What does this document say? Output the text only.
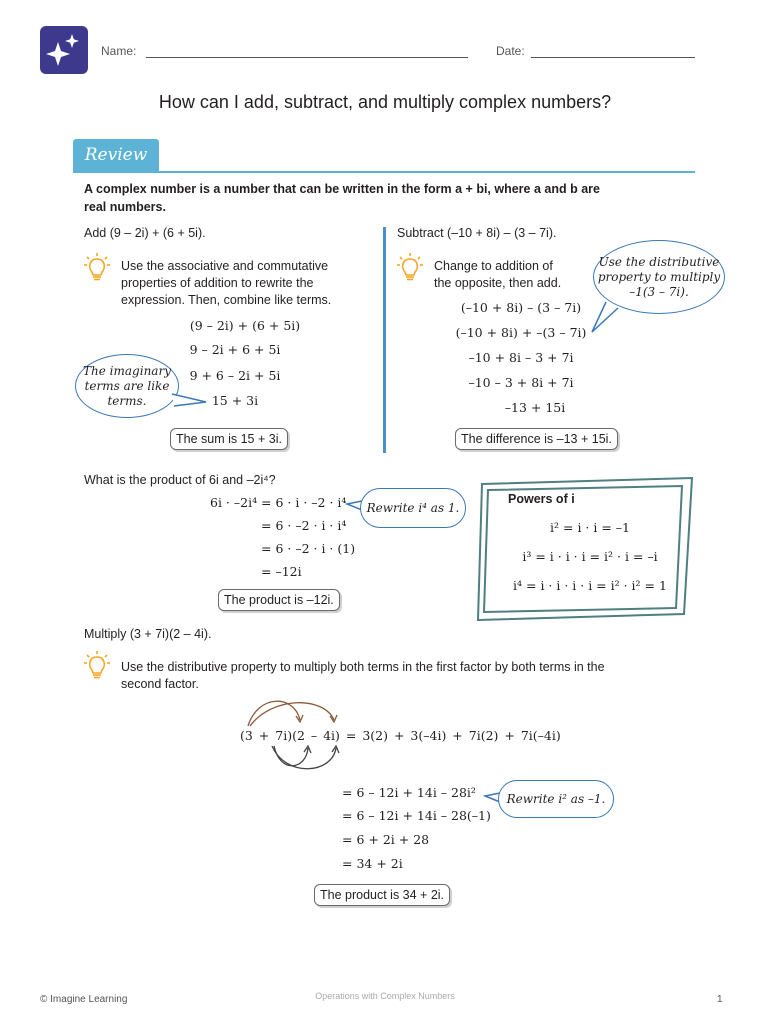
Name:	Date:
How can I add, subtract, and multiply complex numbers?
Review
A complex number is a number that can be written in the form a + bi, where a and b are
real numbers.
Add (9 – 2i) + (6 + 5i).
Use the associative and commutative
properties of addition to rewrite the
expression. Then, combine like terms.
(9 – 2i) + (6 + 5i)
9 – 2i + 6 + 5i
9 + 6 – 2i + 5i
15 + 3i
The imaginary terms are like terms.
The sum is 15 + 3i.
Subtract (–10 + 8i) – (3 – 7i).
Change to addition of
the opposite, then add.
(–10 + 8i) – (3 – 7i)
(–10 + 8i) + –(3 – 7i)
–10 + 8i – 3 + 7i
–10 – 3 + 8i + 7i
–13 + 15i
Use the distributive property to multiply –1(3 – 7i).
The difference is –13 + 15i.
What is the product of 6i and –2i⁴?
6i · –2i⁴ = 6 · i · –2 · i⁴
= 6 · –2 · i · i⁴
= 6 · –2 · i · (1)
= –12i
Rewrite i⁴ as 1.
The product is –12i.
Powers of i
i² = i · i = –1
i³ = i · i · i = i² · i = –i
i⁴ = i · i · i · i = i² · i² = 1
Multiply (3 + 7i)(2 – 4i).
Use the distributive property to multiply both terms in the first factor by both terms in the
second factor.
(3 + 7i)(2 – 4i) = 3(2) + 3(–4i) + 7i(2) + 7i(–4i)
= 6 – 12i + 14i – 28i²
= 6 – 12i + 14i – 28(–1)
= 6 + 2i + 28
= 34 + 2i
Rewrite i² as –1.
The product is 34 + 2i.
© Imagine Learning	Operations with Complex Numbers	1
